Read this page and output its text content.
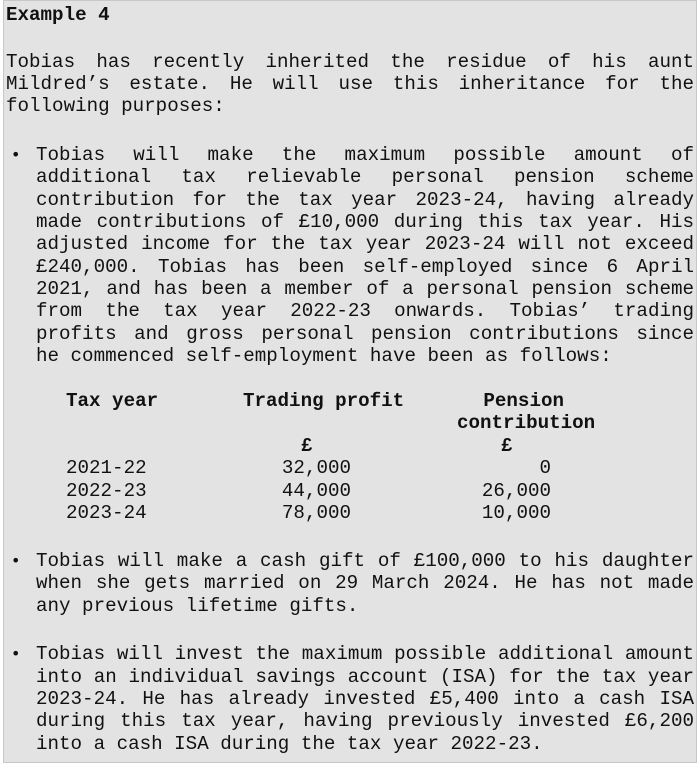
Example 4
Tobias has recently inherited the residue of his aunt
Mildred’s estate. He will use this inheritance for the
following purposes:
• Tobias will make the maximum possible amount of
additional tax relievable personal pension scheme
contribution for the tax year 2023-24, having already
made contributions of £10,000 during this tax year. His
adjusted income for the tax year 2023-24 will not exceed
£240,000. Tobias has been self-employed since 6 April
2021, and has been a member of a personal pension scheme
from the tax year 2022-23 onwards. Tobias’ trading
profits and gross personal pension contributions since
he commenced self-employment have been as follows:
Tax year	Trading profit	Pension
contribution
£	£
2021-22	32,000	0
2022-23	44,000	26,000
2023-24	78,000	10,000
• Tobias will make a cash gift of £100,000 to his daughter
when she gets married on 29 March 2024. He has not made
any previous lifetime gifts.
• Tobias will invest the maximum possible additional amount
into an individual savings account (ISA) for the tax year
2023-24. He has already invested £5,400 into a cash ISA
during this tax year, having previously invested £6,200
into a cash ISA during the tax year 2022-23.
